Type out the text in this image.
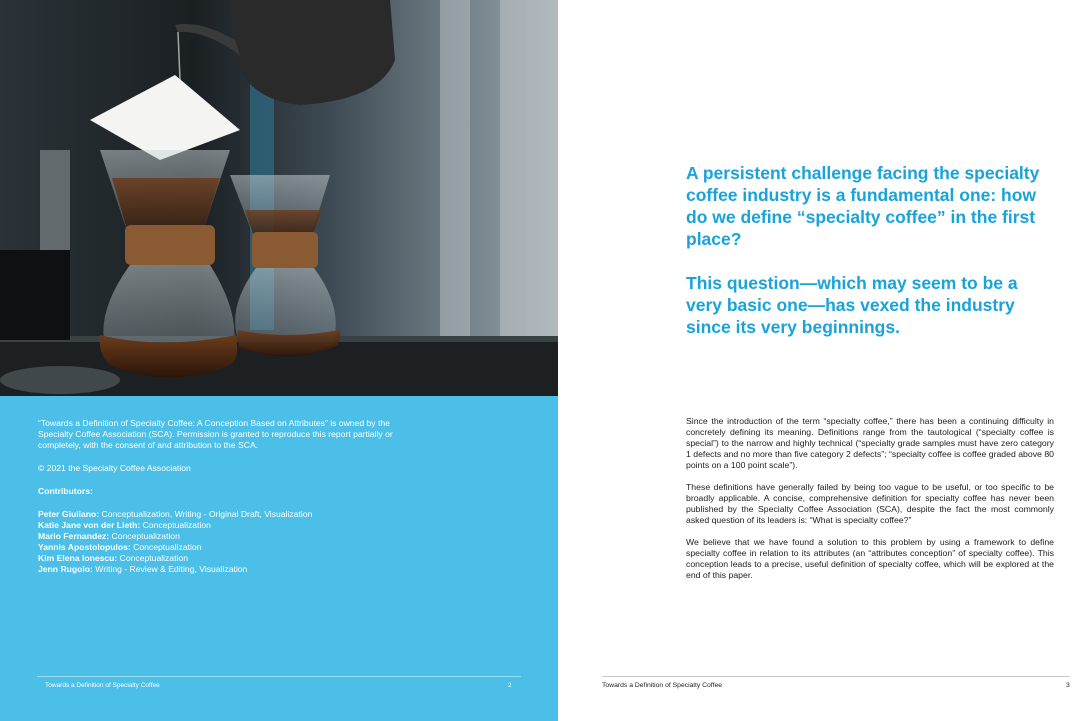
“Towards a Definition of Specialty Coffee: A Conception Based on Attributes” is owned by the Specialty Coffee Association (SCA). Permission is granted to reproduce this report partially or completely, with the consent of and attribution to the SCA.

© 2021 the Specialty Coffee Association

Contributors:
Peter Giuliano: Conceptualization, Writing - Original Draft, Visualization
Katie Jane von der Lieth: Conceptualization
Mario Fernandez: Conceptualization
Yannis Apostolopulos: Conceptualization
Kim Elena Ionescu: Conceptualization
Jenn Rugolo: Writing - Review & Editing, Visualization
Towards a Definition of Specialty Coffee	2

A persistent challenge facing the specialty coffee industry is a fundamental one: how do we define “specialty coffee” in the first place?

This question—which may seem to be a very basic one—has vexed the industry since its very beginnings.

Since the introduction of the term “specialty coffee,” there has been a continuing difficulty in concretely defining its meaning. Definitions range from the tautological (“specialty coffee is special”) to the narrow and highly technical (“specialty grade samples must have zero category 1 defects and no more than five category 2 defects”; “specialty coffee is coffee graded above 80 points on a 100 point scale”).

These definitions have generally failed by being too vague to be useful, or too specific to be broadly applicable. A concise, comprehensive definition for specialty coffee has never been published by the Specialty Coffee Association (SCA), despite the fact the most commonly asked question of its leaders is: “What is specialty coffee?”

We believe that we have found a solution to this problem by using a framework to define specialty coffee in relation to its attributes (an “attributes conception” of specialty coffee). This conception leads to a precise, useful definition of specialty coffee, which will be explored at the end of this paper.

Towards a Definition of Specialty Coffee	3
